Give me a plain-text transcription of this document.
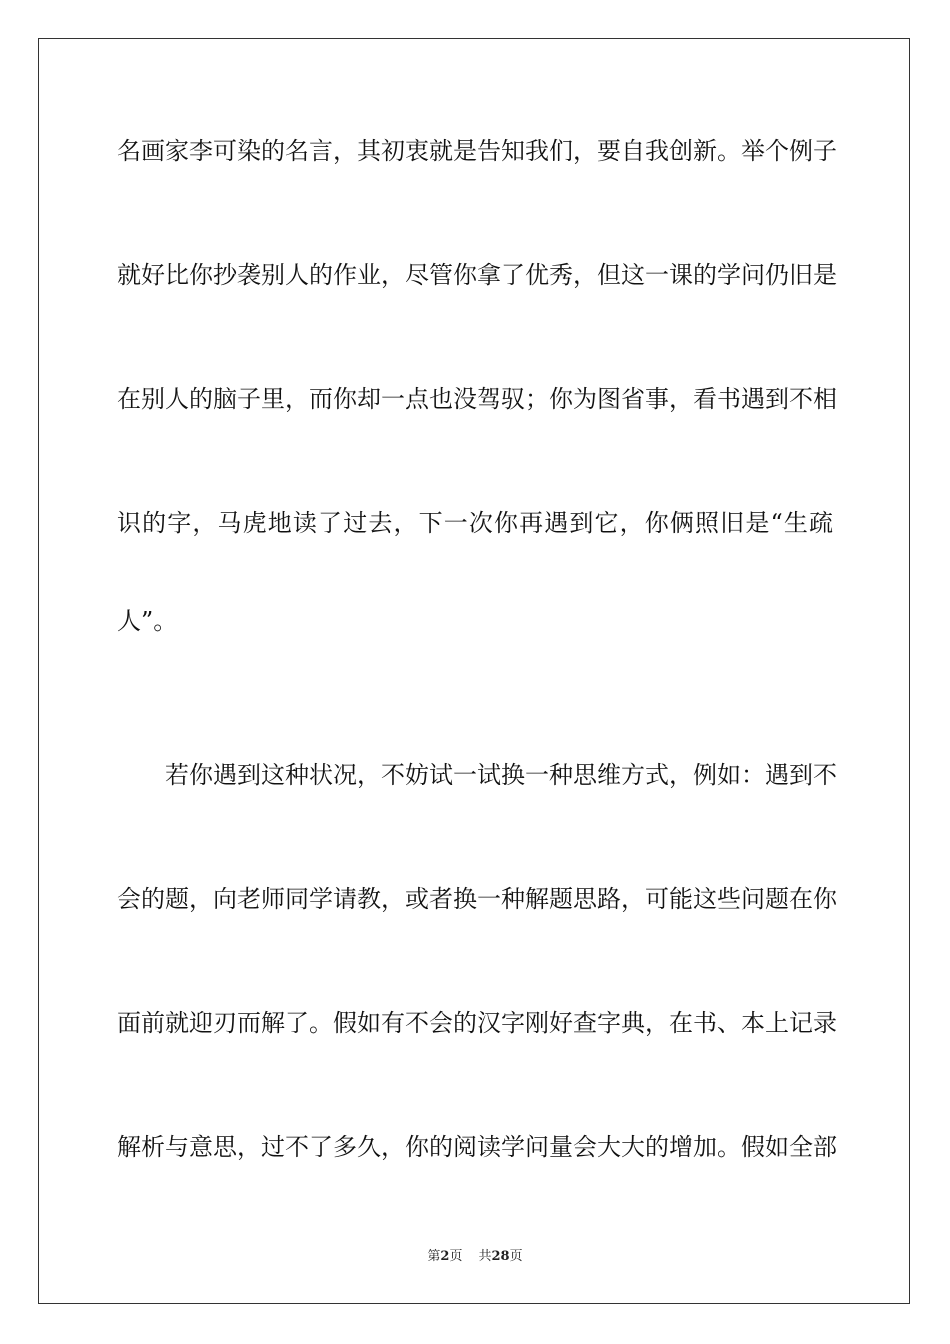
名画家李可染的名言，其初衷就是告知我们，要自我创新。举个例子
就好比你抄袭别人的作业，尽管你拿了优秀，但这一课的学问仍旧是
在别人的脑子里，而你却一点也没驾驭；你为图省事，看书遇到不相
识的字，马虎地读了过去，下一次你再遇到它，你俩照旧是“生疏
人”。
若你遇到这种状况，不妨试一试换一种思维方式，例如：遇到不
会的题，向老师同学请教，或者换一种解题思路，可能这些问题在你
面前就迎刃而解了。假如有不会的汉字刚好查字典，在书、本上记录
解析与意思，过不了多久，你的阅读学问量会大大的增加。假如全部
第2页 共28页
